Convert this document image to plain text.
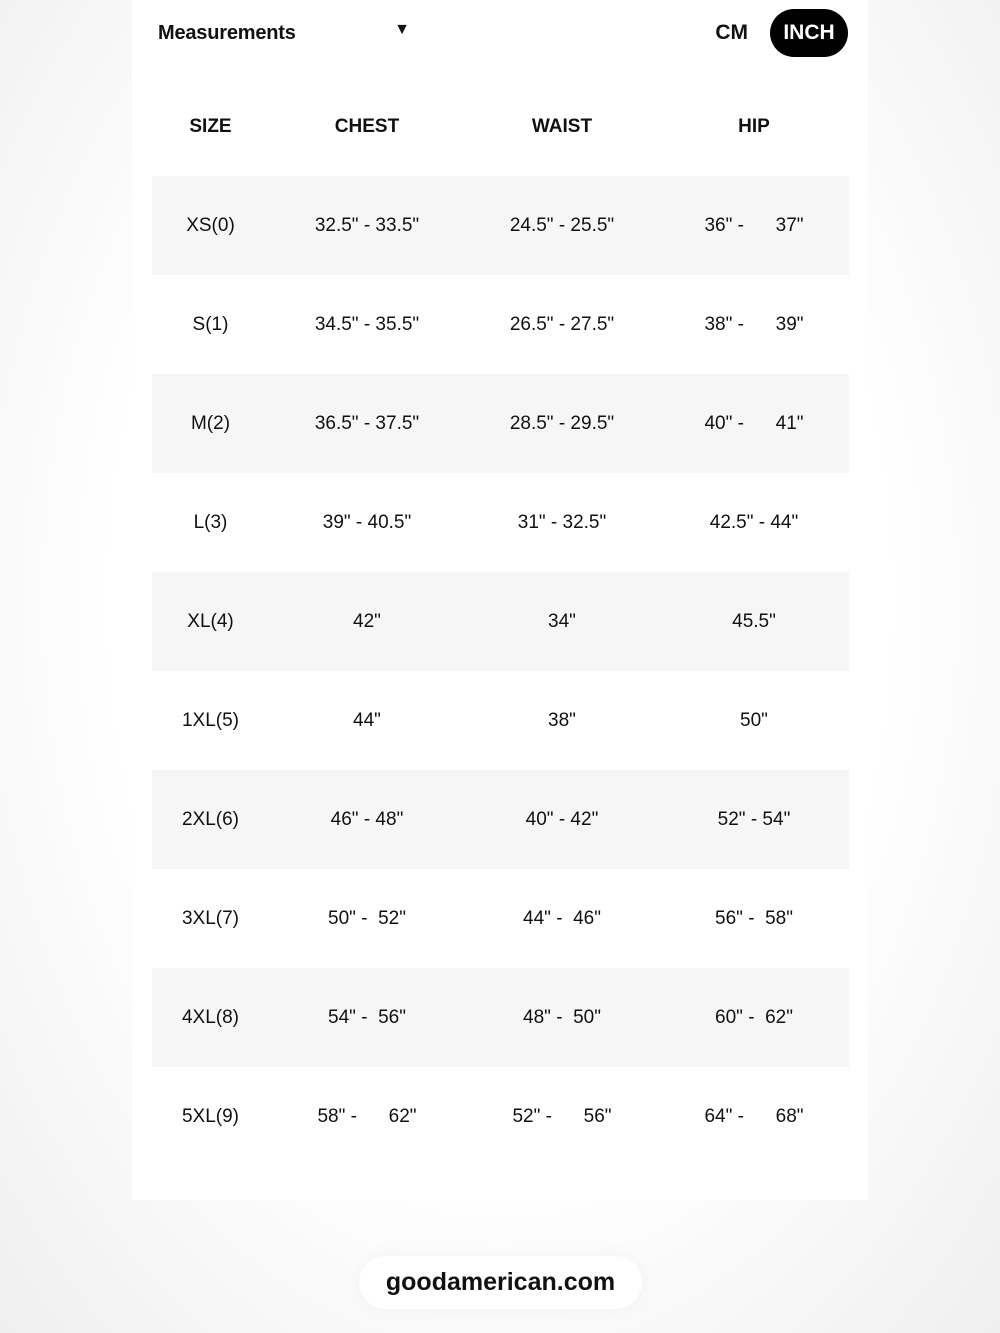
Measurements	▼	CM	INCH
SIZE	CHEST	WAIST	HIP
XS(0)	32.5" - 33.5"	24.5" - 25.5"	36" -      37"
S(1)	34.5" - 35.5"	26.5" - 27.5"	38" -      39"
M(2)	36.5" - 37.5"	28.5" - 29.5"	40" -      41"
L(3)	39" - 40.5"	31" - 32.5"	42.5" - 44"
XL(4)	42"	34"	45.5"
1XL(5)	44"	38"	50"
2XL(6)	46" - 48"	40" - 42"	52" - 54"
3XL(7)	50" -  52"	44" -  46"	56" -  58"
4XL(8)	54" -  56"	48" -  50"	60" -  62"
5XL(9)	58" -      62"	52" -      56"	64" -      68"
goodamerican.com
